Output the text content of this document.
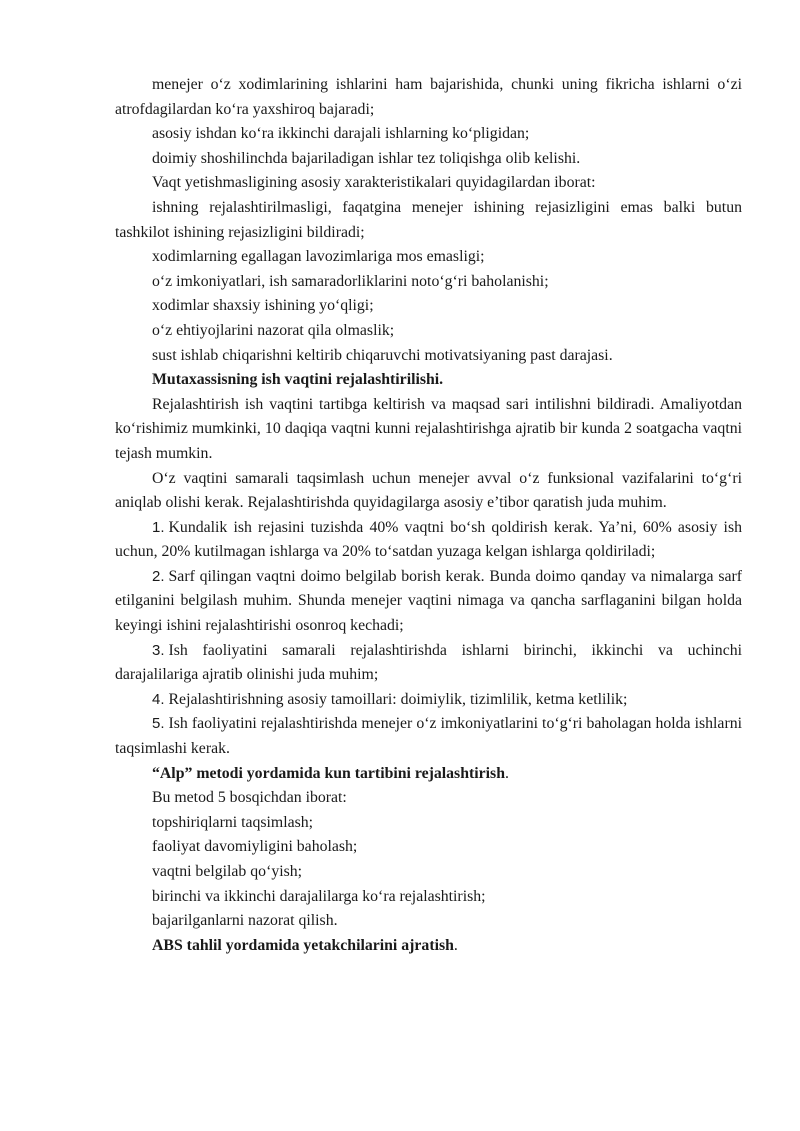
menejer o‘z xodimlarining ishlarini ham bajarishida, chunki uning fikricha ishlarni o‘zi atrofdagilardan ko‘ra yaxshiroq bajaradi;

asosiy ishdan ko‘ra ikkinchi darajali ishlarning ko‘pligidan;

doimiy shoshilinchda bajariladigan ishlar tez toliqishga olib kelishi.

Vaqt yetishmasligining asosiy xarakteristikalari quyidagilardan iborat:

ishning rejalashtirilmasligi, faqatgina menejer ishining rejasizligini emas balki butun tashkilot ishining rejasizligini bildiradi;

xodimlarning egallagan lavozimlariga mos emasligi;

o‘z imkoniyatlari, ish samaradorliklarini noto‘g‘ri baholanishi;

xodimlar shaxsiy ishining yo‘qligi;

o‘z ehtiyojlarini nazorat qila olmaslik;

sust ishlab chiqarishni keltirib chiqaruvchi motivatsiyaning past darajasi.

Mutaxassisning ish vaqtini rejalashtirilishi.

Rejalashtirish ish vaqtini tartibga keltirish va maqsad sari intilishni bildiradi. Amaliyotdan ko‘rishimiz mumkinki, 10 daqiqa vaqtni kunni rejalashtirishga ajratib bir kunda 2 soatgacha vaqtni tejash mumkin.

O‘z vaqtini samarali taqsimlash uchun menejer avval o‘z funksional vazifalarini to‘g‘ri aniqlab olishi kerak. Rejalashtirishda quyidagilarga asosiy e’tibor qaratish juda muhim.

1. Kundalik ish rejasini tuzishda 40% vaqtni bo‘sh qoldirish kerak. Ya’ni, 60% asosiy ish uchun, 20% kutilmagan ishlarga va 20% to‘satdan yuzaga kelgan ishlarga qoldiriladi;

2. Sarf qilingan vaqtni doimo belgilab borish kerak. Bunda doimo qanday va nimalarga sarf etilganini belgilash muhim. Shunda menejer vaqtini nimaga va qancha sarflaganini bilgan holda keyingi ishini rejalashtirishi osonroq kechadi;

3. Ish faoliyatini samarali rejalashtirishda ishlarni birinchi, ikkinchi va uchinchi darajalilariga ajratib olinishi juda muhim;

4. Rejalashtirishning asosiy tamoillari: doimiylik, tizimlilik, ketma ketlilik;

5. Ish faoliyatini rejalashtirishda menejer o‘z imkoniyatlarini to‘g‘ri baholagan holda ishlarni taqsimlashi kerak.

“Alp” metodi yordamida kun tartibini rejalashtirish.

Bu metod 5 bosqichdan iborat:

topshiriqlarni taqsimlash;

faoliyat davomiyligini baholash;

vaqtni belgilab qo‘yish;

birinchi va ikkinchi darajalilarga ko‘ra rejalashtirish;

bajarilganlarni nazorat qilish.

ABS tahlil yordamida yetakchilarini ajratish.
